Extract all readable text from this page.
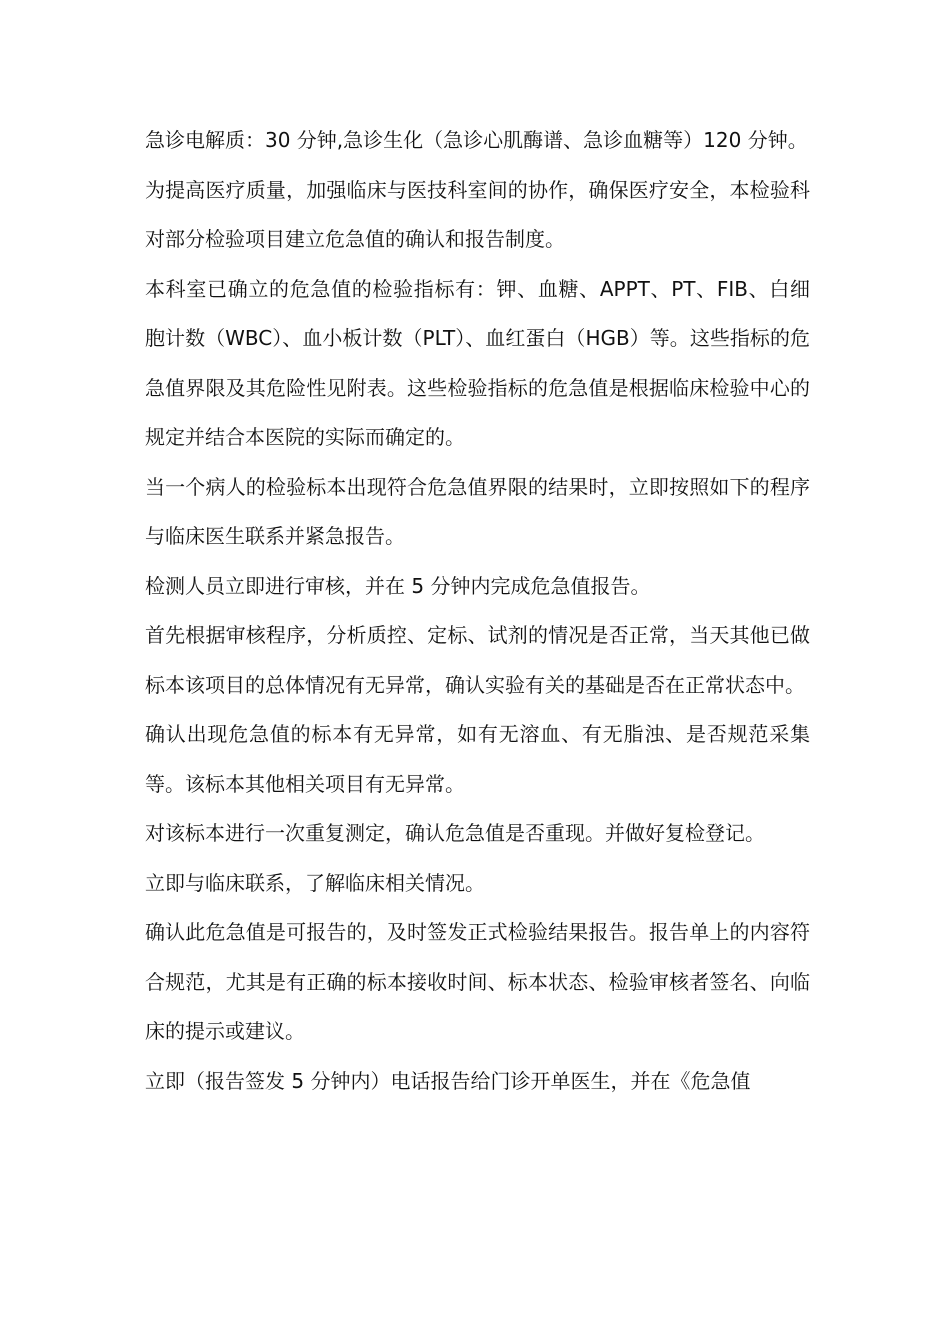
急诊电解质：30 分钟,急诊生化（急诊心肌酶谱、急诊血糖等）120 分钟。

为提高医疗质量，加强临床与医技科室间的协作，确保医疗安全，本检验科对部分检验项目建立危急值的确认和报告制度。

本科室已确立的危急值的检验指标有：钾、血糖、APPT、PT、FIB、白细胞计数（WBC）、血小板计数（PLT）、血红蛋白（HGB）等。这些指标的危急值界限及其危险性见附表。这些检验指标的危急值是根据临床检验中心的规定并结合本医院的实际而确定的。

当一个病人的检验标本出现符合危急值界限的结果时，立即按照如下的程序与临床医生联系并紧急报告。

检测人员立即进行审核，并在 5 分钟内完成危急值报告。

首先根据审核程序，分析质控、定标、试剂的情况是否正常，当天其他已做标本该项目的总体情况有无异常，确认实验有关的基础是否在正常状态中。

确认出现危急值的标本有无异常，如有无溶血、有无脂浊、是否规范采集等。该标本其他相关项目有无异常。

对该标本进行一次重复测定，确认危急值是否重现。并做好复检登记。

立即与临床联系，了解临床相关情况。

确认此危急值是可报告的，及时签发正式检验结果报告。报告单上的内容符合规范，尤其是有正确的标本接收时间、标本状态、检验审核者签名、向临床的提示或建议。

立即（报告签发 5 分钟内）电话报告给门诊开单医生，并在《危急值
